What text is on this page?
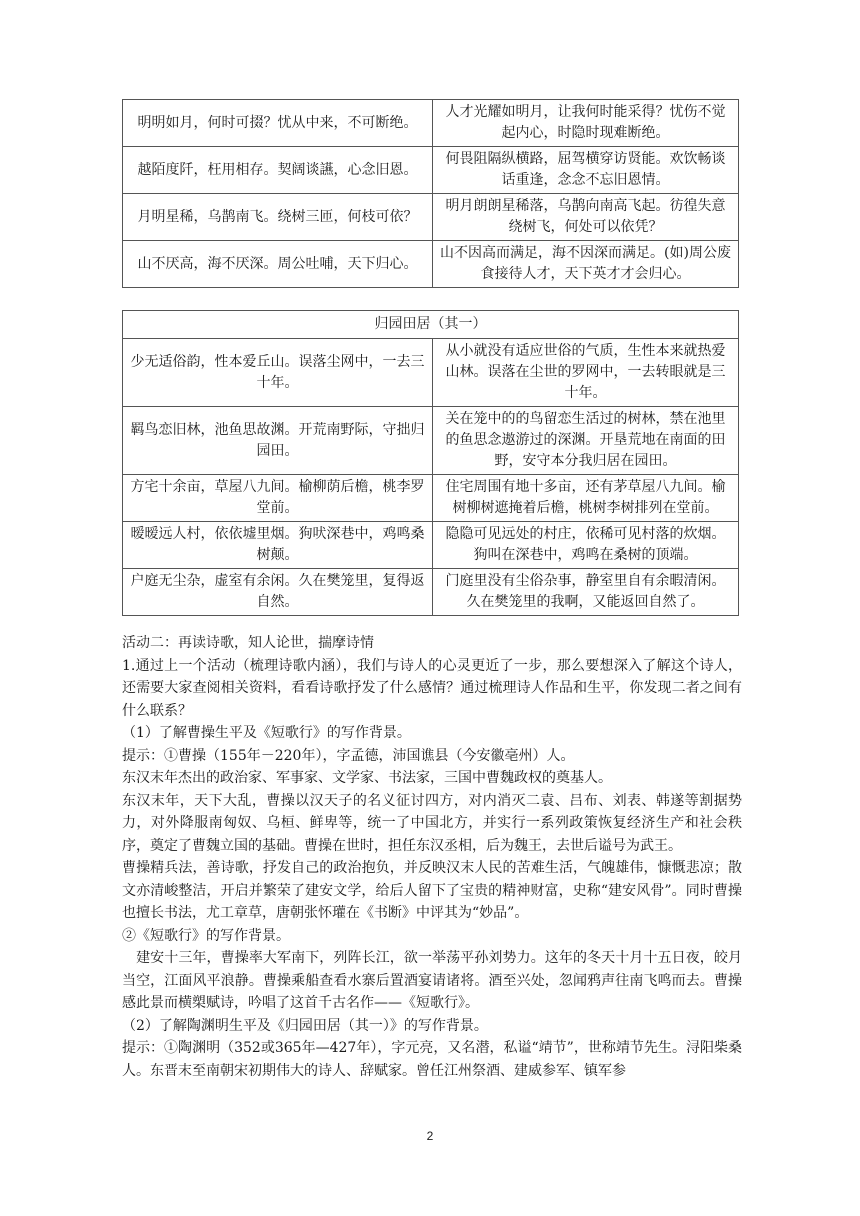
明明如月，何时可掇？忧从中来，不可断绝。	人才光耀如明月，让我何时能采得？忧伤不觉起内心，时隐时现难断绝。
越陌度阡，枉用相存。契阔谈讌，心念旧恩。	何畏阻隔纵横路，屈驾横穿访贤能。欢饮畅谈话重逢，念念不忘旧恩情。
月明星稀，乌鹊南飞。绕树三匝，何枝可依？	明月朗朗星稀落，乌鹊向南高飞起。彷徨失意绕树飞，何处可以依凭？
山不厌高，海不厌深。周公吐哺，天下归心。	山不因高而满足，海不因深而满足。(如)周公废食接待人才，天下英才才会归心。
归园田居（其一）	
少无适俗韵，性本爱丘山。误落尘网中，一去三十年。	从小就没有适应世俗的气质，生性本来就热爱山林。误落在尘世的罗网中，一去转眼就是三十年。
羁鸟恋旧林，池鱼思故渊。开荒南野际，守拙归园田。	关在笼中的的鸟留恋生活过的树林，禁在池里的鱼思念遨游过的深渊。开垦荒地在南面的田野，安守本分我归居在园田。
方宅十余亩，草屋八九间。榆柳荫后檐，桃李罗堂前。	住宅周围有地十多亩，还有茅草屋八九间。榆树柳树遮掩着后檐，桃树李树排列在堂前。
暧暧远人村，依依墟里烟。狗吠深巷中，鸡鸣桑树颠。	隐隐可见远处的村庄，依稀可见村落的炊烟。狗叫在深巷中，鸡鸣在桑树的顶端。
户庭无尘杂，虚室有余闲。久在樊笼里，复得返自然。	门庭里没有尘俗杂事，静室里自有余暇清闲。久在樊笼里的我啊，又能返回自然了。

活动二：再读诗歌，知人论世，揣摩诗情

1.通过上一个活动（梳理诗歌内涵），我们与诗人的心灵更近了一步，那么要想深入了解这个诗人，还需要大家查阅相关资料，看看诗歌抒发了什么感情？通过梳理诗人作品和生平，你发现二者之间有什么联系？

（1）了解曹操生平及《短歌行》的写作背景。

提示：①曹操（155年－220年），字孟德，沛国谯县（今安徽亳州）人。

东汉末年杰出的政治家、军事家、文学家、书法家，三国中曹魏政权的奠基人。

东汉末年，天下大乱，曹操以汉天子的名义征讨四方，对内消灭二袁、吕布、刘表、韩遂等割据势力，对外降服南匈奴、乌桓、鲜卑等，统一了中国北方，并实行一系列政策恢复经济生产和社会秩序，奠定了曹魏立国的基础。曹操在世时，担任东汉丞相，后为魏王，去世后谥号为武王。

曹操精兵法，善诗歌，抒发自己的政治抱负，并反映汉末人民的苦难生活，气魄雄伟，慷慨悲凉；散文亦清峻整洁，开启并繁荣了建安文学，给后人留下了宝贵的精神财富，史称“建安风骨”。同时曹操也擅长书法，尤工章草，唐朝张怀瓘在《书断》中评其为“妙品”。

②《短歌行》的写作背景。

　建安十三年，曹操率大军南下，列阵长江，欲一举荡平孙刘势力。这年的冬天十月十五日夜，皎月当空，江面风平浪静。曹操乘船查看水寨后置酒宴请诸将。酒至兴处，忽闻鸦声往南飞鸣而去。曹操感此景而横槊赋诗，吟唱了这首千古名作——《短歌行》。

（2）了解陶渊明生平及《归园田居（其一）》的写作背景。

提示：①陶渊明（352或365年—427年），字元亮，又名潜，私谥“靖节”，世称靖节先生。浔阳柴桑人。东晋末至南朝宋初期伟大的诗人、辞赋家。曾任江州祭酒、建威参军、镇军参

2
